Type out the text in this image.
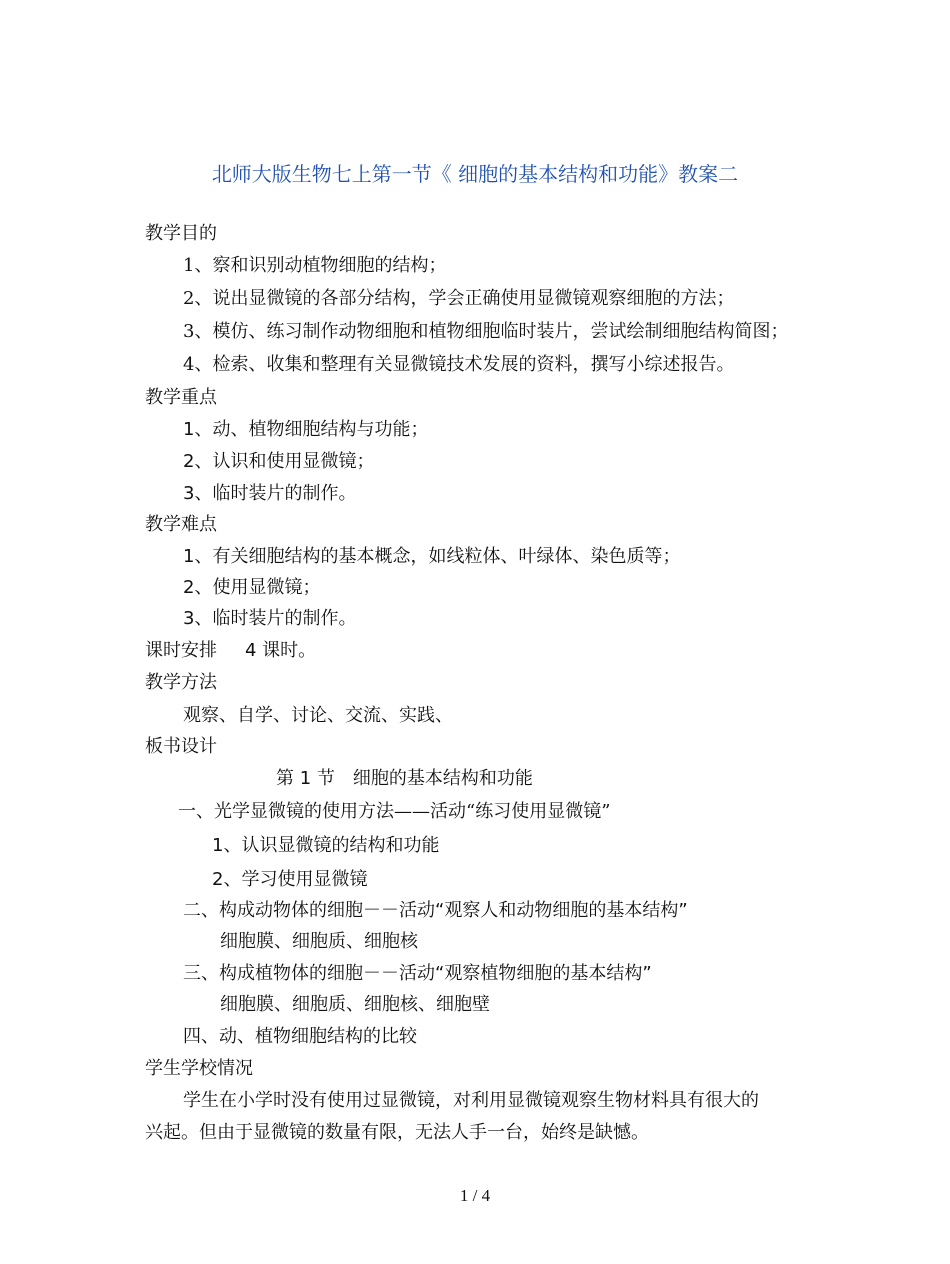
北师大版生物七上第一节《 细胞的基本结构和功能》教案二
教学目的
1、察和识别动植物细胞的结构；
2、说出显微镜的各部分结构，学会正确使用显微镜观察细胞的方法；
3、模仿、练习制作动物细胞和植物细胞临时装片，尝试绘制细胞结构简图；
4、检索、收集和整理有关显微镜技术发展的资料，撰写小综述报告。
教学重点
1、动、植物细胞结构与功能；
2、认识和使用显微镜；
3、临时装片的制作。
教学难点
1、有关细胞结构的基本概念，如线粒体、叶绿体、染色质等；
2、使用显微镜；
3、临时装片的制作。
课时安排 4 课时。
教学方法
观察、自学、讨论、交流、实践、
板书设计
第 1 节　细胞的基本结构和功能
一、光学显微镜的使用方法——活动“练习使用显微镜”
1、认识显微镜的结构和功能
2、学习使用显微镜
二、构成动物体的细胞－－活动“观察人和动物细胞的基本结构”
细胞膜、细胞质、细胞核
三、构成植物体的细胞－－活动“观察植物细胞的基本结构”
细胞膜、细胞质、细胞核、细胞壁
四、动、植物细胞结构的比较
学生学校情况
学生在小学时没有使用过显微镜，对利用显微镜观察生物材料具有很大的
兴起。但由于显微镜的数量有限，无法人手一台，始终是缺憾。
1 / 4
